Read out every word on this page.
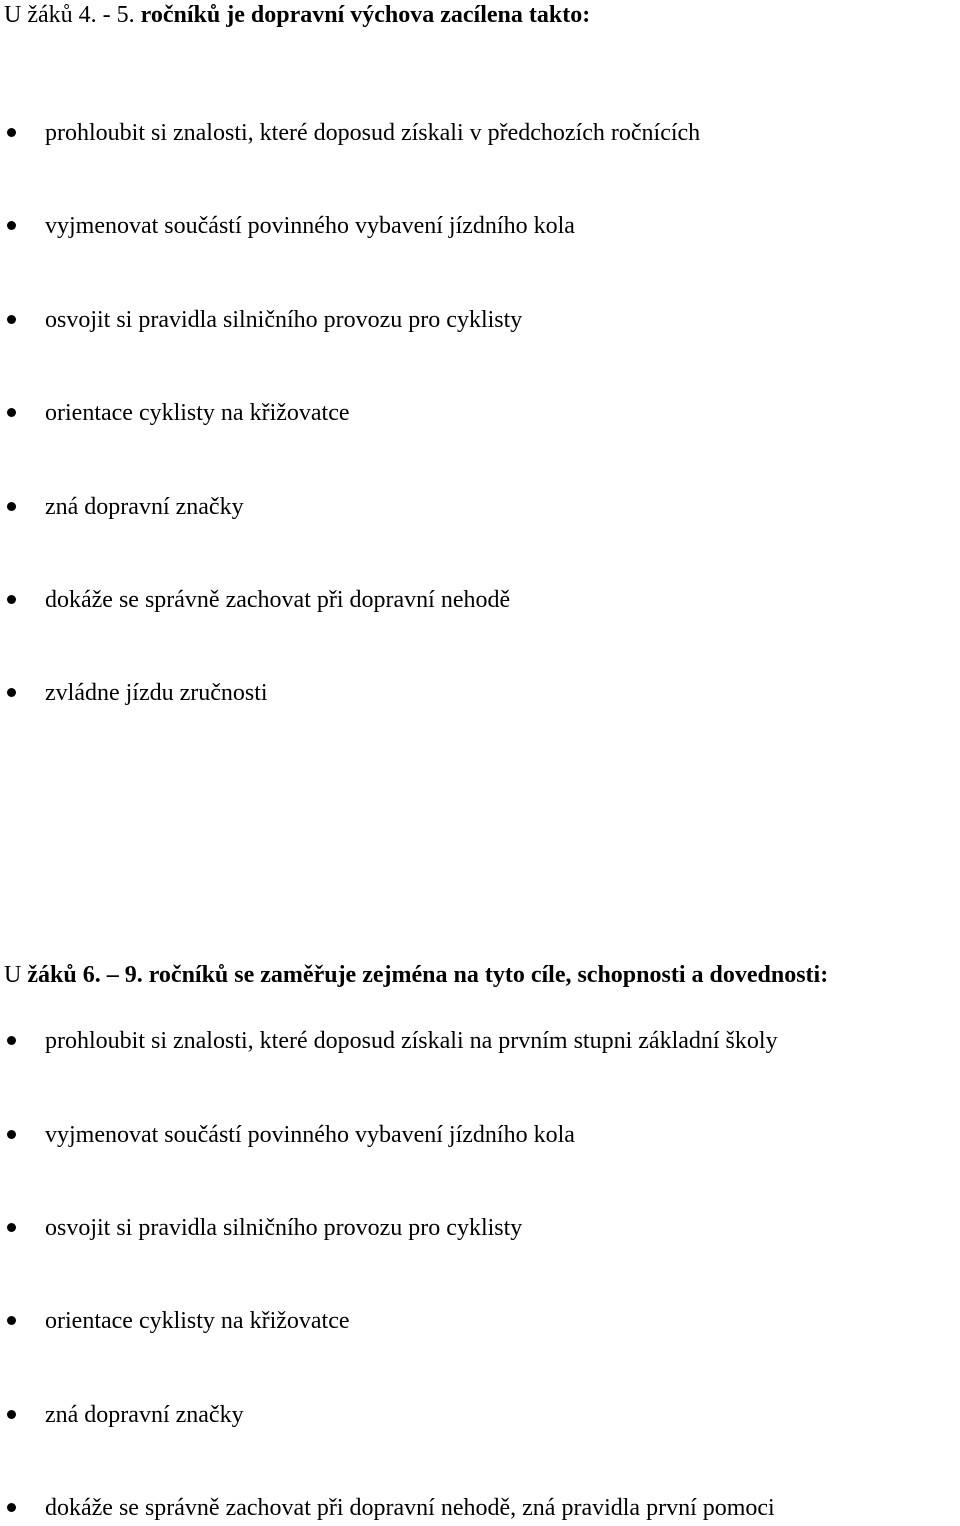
U žáků 4. - 5. ročníků je dopravní výchova zacílena takto:
prohloubit si znalosti, které doposud získali v předchozích ročnících
vyjmenovat součástí povinného vybavení jízdního kola
osvojit si pravidla silničního provozu pro cyklisty
orientace cyklisty na křižovatce
zná dopravní značky
dokáže se správně zachovat při dopravní nehodě
zvládne jízdu zručnosti
U žáků 6. – 9. ročníků se zaměřuje zejména na tyto cíle, schopnosti a dovednosti:
prohloubit si znalosti, které doposud získali na prvním stupni základní školy
vyjmenovat součástí povinného vybavení jízdního kola
osvojit si pravidla silničního provozu pro cyklisty
orientace cyklisty na křižovatce
zná dopravní značky
dokáže se správně zachovat při dopravní nehodě, zná pravidla první pomoci
